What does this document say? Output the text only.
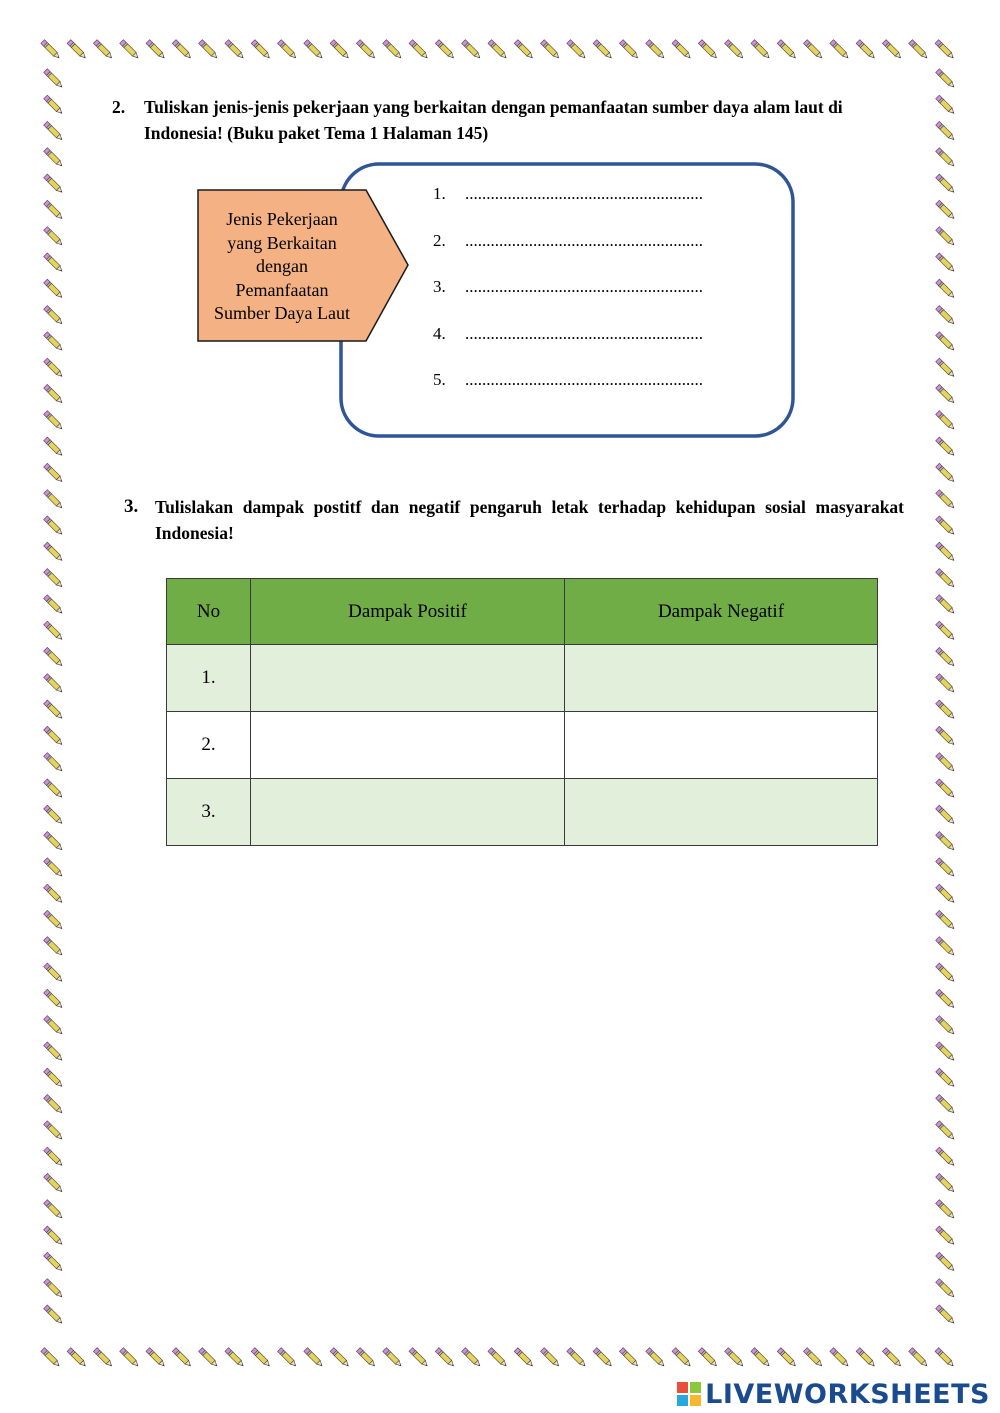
2. Tuliskan jenis-jenis pekerjaan yang berkaitan dengan pemanfaatan sumber daya alam laut di Indonesia! (Buku paket Tema 1 Halaman 145)
Jenis Pekerjaan
yang Berkaitan
dengan
Pemanfaatan
Sumber Daya Laut
1. ........................................................
2. ........................................................
3. ........................................................
4. ........................................................
5. ........................................................
3. Tulislakan dampak postitf dan negatif pengaruh letak terhadap kehidupan sosial masyarakat Indonesia!
No	Dampak Positif	Dampak Negatif
1.		
2.		
3.		
LIVEWORKSHEETS
